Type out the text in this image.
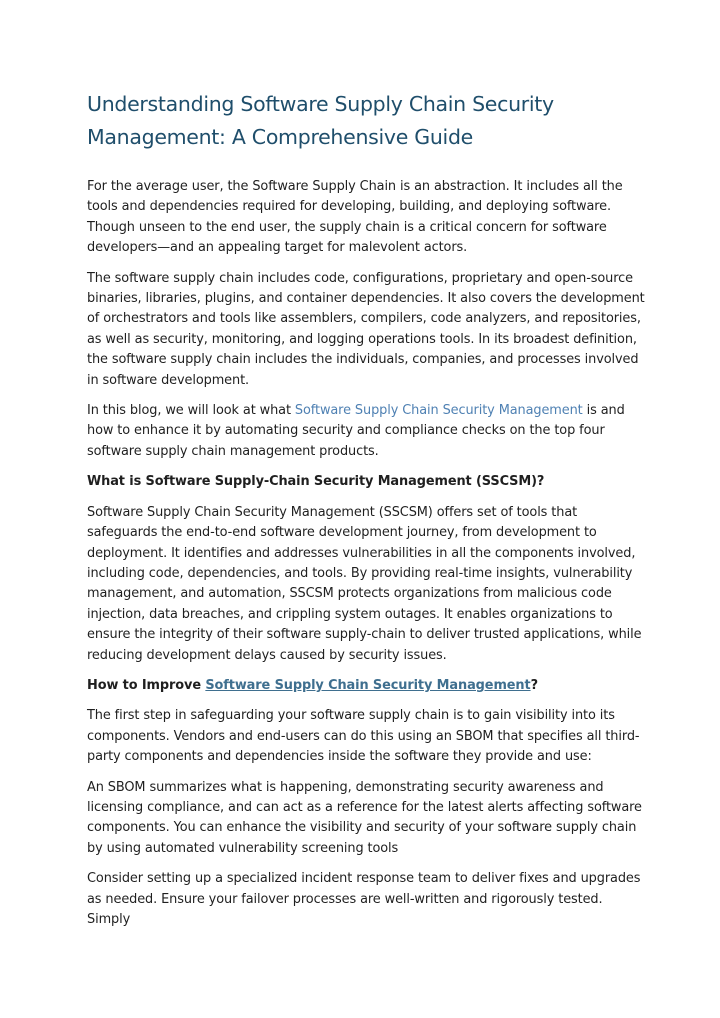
Understanding Software Supply Chain Security Management: A Comprehensive Guide

For the average user, the Software Supply Chain is an abstraction. It includes all the tools and dependencies required for developing, building, and deploying software. Though unseen to the end user, the supply chain is a critical concern for software developers—and an appealing target for malevolent actors.

The software supply chain includes code, configurations, proprietary and open-source binaries, libraries, plugins, and container dependencies. It also covers the development of orchestrators and tools like assemblers, compilers, code analyzers, and repositories, as well as security, monitoring, and logging operations tools. In its broadest definition, the software supply chain includes the individuals, companies, and processes involved in software development.

In this blog, we will look at what Software Supply Chain Security Management is and how to enhance it by automating security and compliance checks on the top four software supply chain management products.

What is Software Supply-Chain Security Management (SSCSM)?

Software Supply Chain Security Management (SSCSM) offers set of tools that safeguards the end-to-end software development journey, from development to deployment. It identifies and addresses vulnerabilities in all the components involved, including code, dependencies, and tools. By providing real-time insights, vulnerability management, and automation, SSCSM protects organizations from malicious code injection, data breaches, and crippling system outages. It enables organizations to ensure the integrity of their software supply-chain to deliver trusted applications, while reducing development delays caused by security issues.

How to Improve Software Supply Chain Security Management?

The first step in safeguarding your software supply chain is to gain visibility into its components. Vendors and end-users can do this using an SBOM that specifies all third-party components and dependencies inside the software they provide and use:

An SBOM summarizes what is happening, demonstrating security awareness and licensing compliance, and can act as a reference for the latest alerts affecting software components. You can enhance the visibility and security of your software supply chain by using automated vulnerability screening tools

Consider setting up a specialized incident response team to deliver fixes and upgrades as needed. Ensure your failover processes are well-written and rigorously tested. Simply
